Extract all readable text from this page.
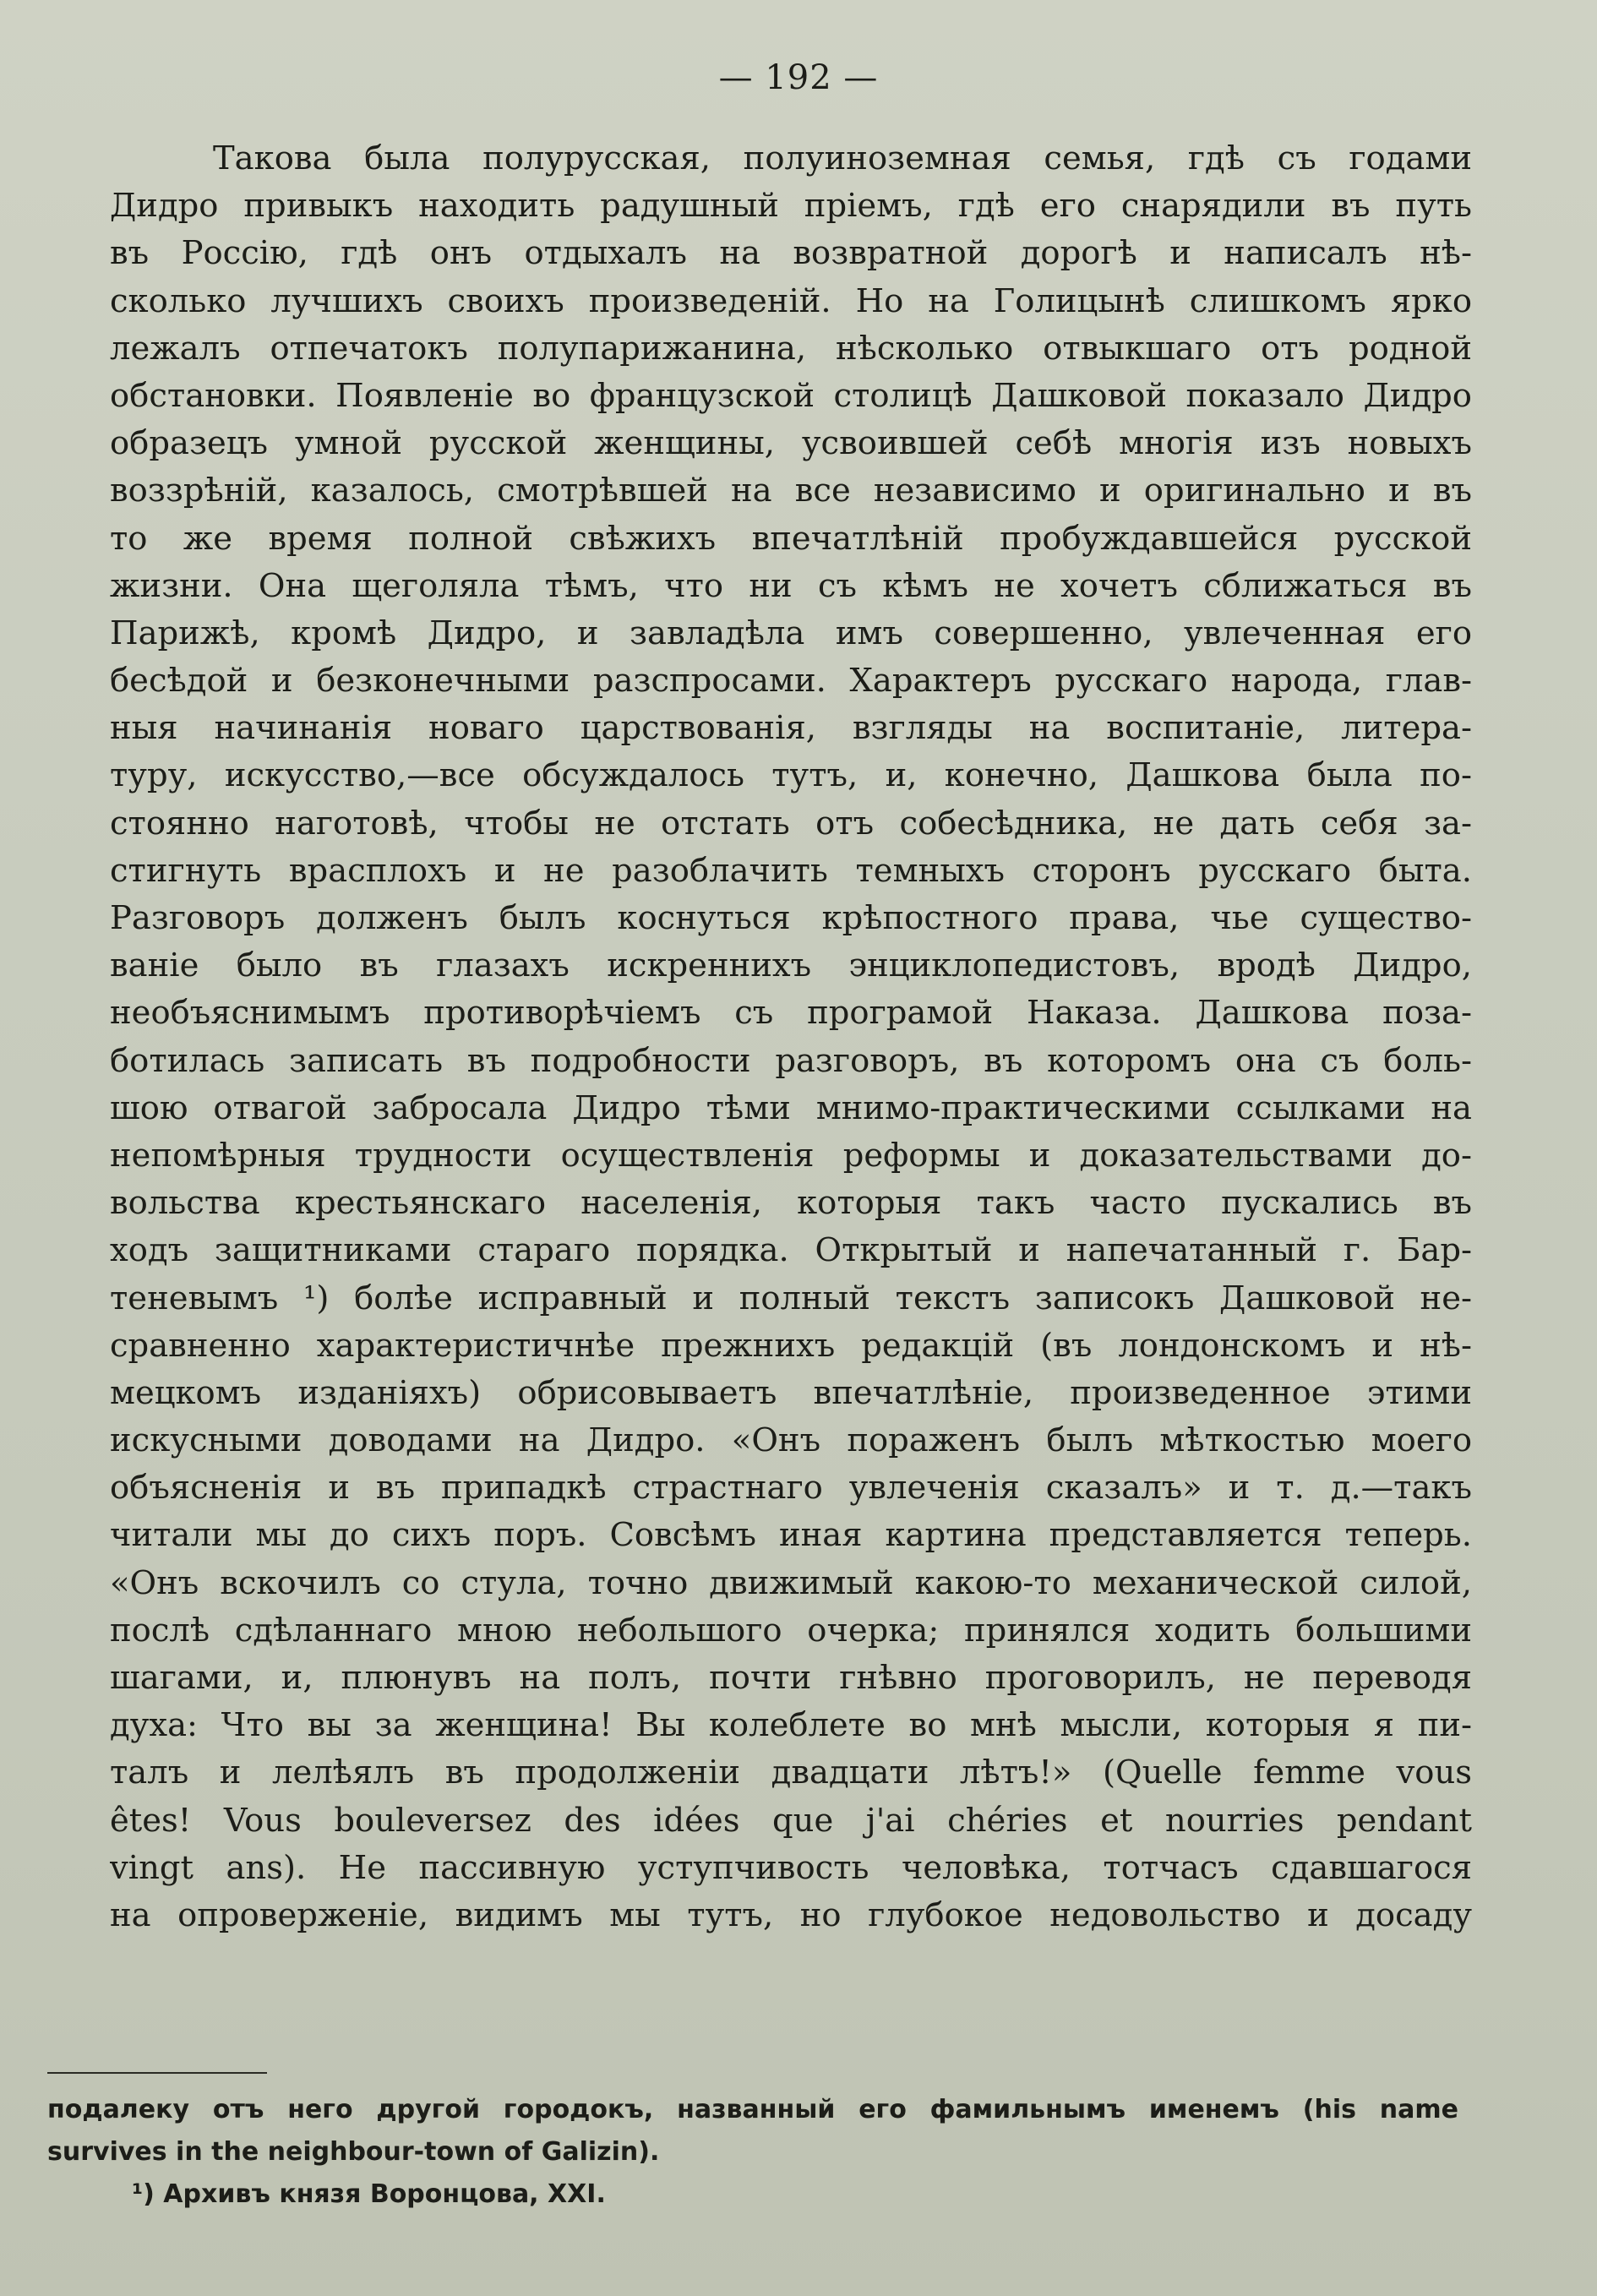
— 192 —
Такова была полурусская, полуиноземная семья, гдѣ съ годами
Дидро привыкъ находить радушный пріемъ, гдѣ его снарядили въ путь
въ Россію, гдѣ онъ отдыхалъ на возвратной дорогѣ и написалъ нѣ-
сколько лучшихъ своихъ произведеній. Но на Голицынѣ слишкомъ ярко
лежалъ отпечатокъ полупарижанина, нѣсколько отвыкшаго отъ родной
обстановки. Появленіе во французской столицѣ Дашковой показало Дидро
образецъ умной русской женщины, усвоившей себѣ многія изъ новыхъ
воззрѣній, казалось, смотрѣвшей на все независимо и оригинально и въ
то же время полной свѣжихъ впечатлѣній пробуждавшейся русской
жизни. Она щеголяла тѣмъ, что ни съ кѣмъ не хочетъ сближаться въ
Парижѣ, кромѣ Дидро, и завладѣла имъ совершенно, увлеченная его
бесѣдой и безконечными разспросами. Характеръ русскаго народа, глав-
ныя начинанія новаго царствованія, взгляды на воспитаніе, литера-
туру, искусство,—все обсуждалось тутъ, и, конечно, Дашкова была по-
стоянно наготовѣ, чтобы не отстать отъ собесѣдника, не дать себя за-
стигнуть врасплохъ и не разоблачить темныхъ сторонъ русскаго быта.
Разговоръ долженъ былъ коснуться крѣпостного права, чье существо-
ваніе было въ глазахъ искреннихъ энциклопедистовъ, вродѣ Дидро,
необъяснимымъ противорѣчіемъ съ програмой Наказа. Дашкова поза-
ботилась записать въ подробности разговоръ, въ которомъ она съ боль-
шою отвагой забросала Дидро тѣми мнимо-практическими ссылками на
непомѣрныя трудности осуществленія реформы и доказательствами до-
вольства крестьянскаго населенія, которыя такъ часто пускались въ
ходъ защитниками стараго порядка. Открытый и напечатанный г. Бар-
теневымъ ¹) болѣе исправный и полный текстъ записокъ Дашковой не-
сравненно характеристичнѣе прежнихъ редакцій (въ лондонскомъ и нѣ-
мецкомъ изданіяхъ) обрисовываетъ впечатлѣніе, произведенное этими
искусными доводами на Дидро. «Онъ пораженъ былъ мѣткостью моего
объясненія и въ припадкѣ страстнаго увлеченія сказалъ» и т. д.—такъ
читали мы до сихъ поръ. Совсѣмъ иная картина представляется теперь.
«Онъ вскочилъ со стула, точно движимый какою-то механической силой,
послѣ сдѣланнаго мною небольшого очерка; принялся ходить большими
шагами, и, плюнувъ на полъ, почти гнѣвно проговорилъ, не переводя
духа: Что вы за женщина! Вы колеблете во мнѣ мысли, которыя я пи-
талъ и лелѣялъ въ продолженіи двадцати лѣтъ!» (Quelle femme vous
êtes! Vous bouleversez des idées que j'ai chéries et nourries pendant
vingt ans). Не пассивную уступчивость человѣка, тотчасъ сдавшагося
на опроверженіе, видимъ мы тутъ, но глубокое недовольство и досаду
подалеку отъ него другой городокъ, названный его фамильнымъ именемъ (his name
survives in the neighbour-town of Galizin).
¹) Архивъ князя Воронцова, XXI.
